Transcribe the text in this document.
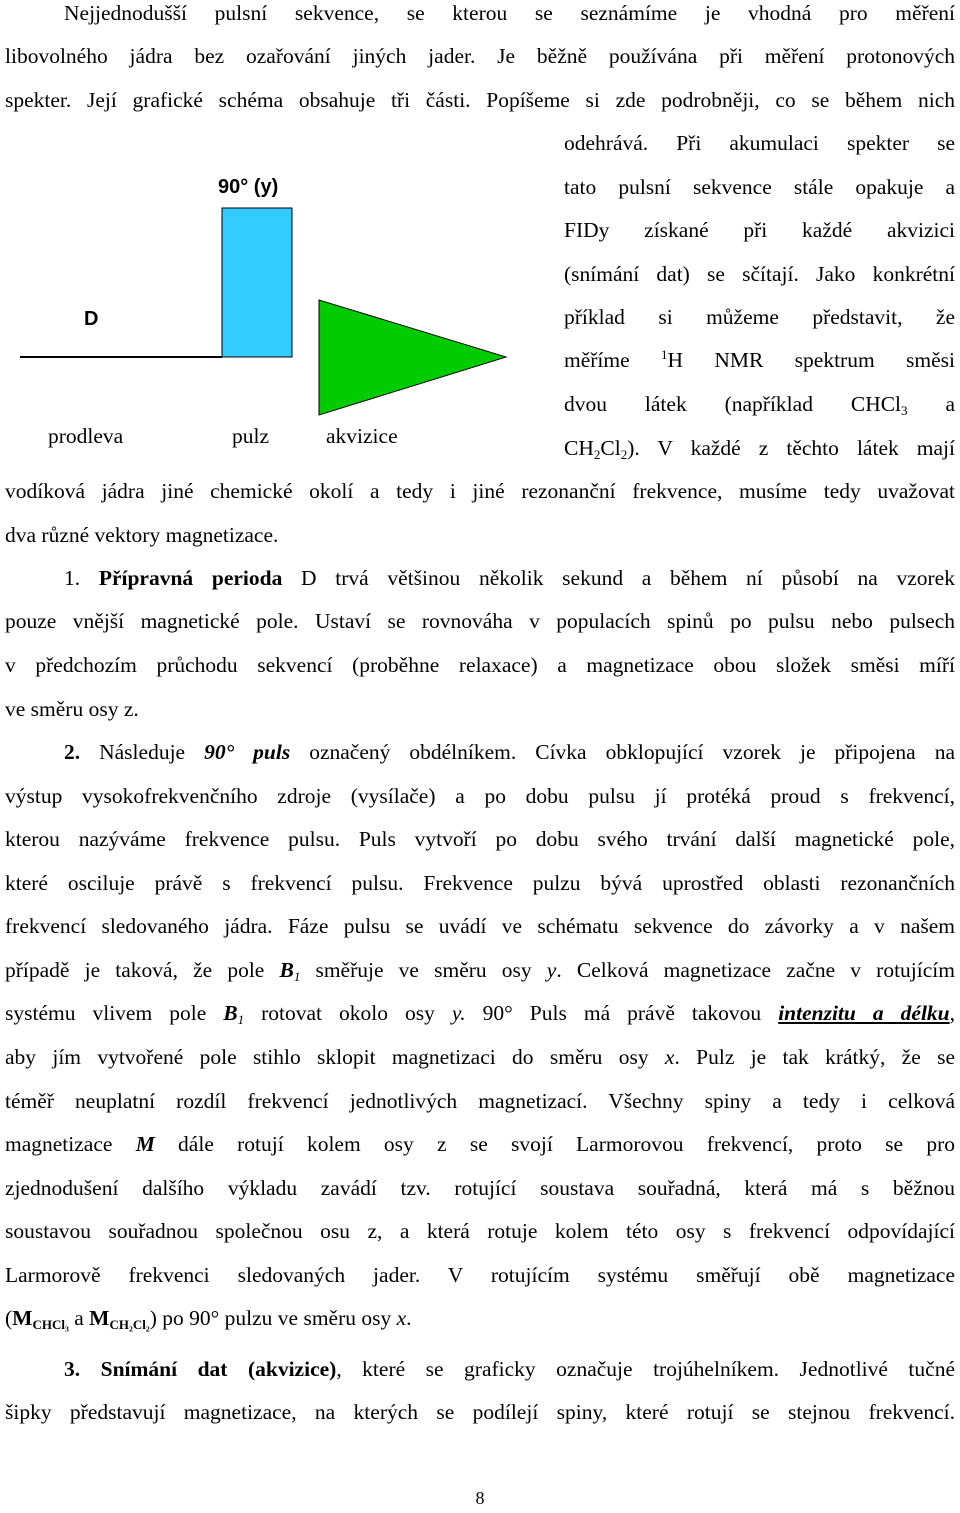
Nejjednodušší pulsní sekvence, se kterou se seznámíme je vhodná pro měření
libovolného jádra bez ozařování jiných jader. Je běžně používána při měření protonových
spekter. Její grafické schéma obsahuje tři části. Popíšeme si zde podrobněji, co se během nich
odehrává. Při akumulaci spekter se
tato pulsní sekvence stále opakuje a
FIDy získané při každé akvizici
(snímání dat) se sčítají. Jako konkrétní
příklad si můžeme představit, že
měříme $^1$H NMR spektrum směsi
dvou látek (například CHCl$_3$ a
$CH_2Cl_2$). V každé z těchto látek mají
90° (y)
D
prodleva	pulz	akvizice
vodíková jádra jiné chemické okolí a tedy i jiné rezonanční frekvence, musíme tedy uvažovat
dva různé vektory magnetizace.
1. Přípravná perioda D trvá většinou několik sekund a během ní působí na vzorek
pouze vnější magnetické pole. Ustaví se rovnováha v populacích spinů po pulsu nebo pulsech
v předchozím průchodu sekvencí (proběhne relaxace) a magnetizace obou složek směsi míří
ve směru osy z.
2. Následuje 90° puls označený obdélníkem. Cívka obklopující vzorek je připojena na
výstup vysokofrekvenčního zdroje (vysílače) a po dobu pulsu jí protéká proud s frekvencí,
kterou nazýváme frekvence pulsu. Puls vytvoří po dobu svého trvání další magnetické pole,
které osciluje právě s frekvencí pulsu. Frekvence pulzu bývá uprostřed oblasti rezonančních
frekvencí sledovaného jádra. Fáze pulsu se uvádí ve schématu sekvence do závorky a v našem
případě je taková, že pole $B_1$ směřuje ve směru osy y. Celková magnetizace začne v rotujícím
systému vlivem pole $B_1$ rotovat okolo osy y. 90° Puls má právě takovou intenzitu a délku,
aby jím vytvořené pole stihlo sklopit magnetizaci do směru osy x. Pulz je tak krátký, že se
téměř neuplatní rozdíl frekvencí jednotlivých magnetizací. Všechny spiny a tedy i celková
magnetizace M dále rotují kolem osy z se svojí Larmorovou frekvencí, proto se pro
zjednodušení dalšího výkladu zavádí tzv. rotující soustava souřadná, která má s běžnou
soustavou souřadnou společnou osu z, a která rotuje kolem této osy s frekvencí odpovídající
Larmorově frekvenci sledovaných jader. V rotujícím systému směřují obě magnetizace
($M_{CHCl_3}$ a $M_{CH_2Cl_2}$) po 90° pulzu ve směru osy x.
3. Snímání dat (akvizice), které se graficky označuje trojúhelníkem. Jednotlivé tučné
šipky představují magnetizace, na kterých se podílejí spiny, které rotují se stejnou frekvencí.
8
